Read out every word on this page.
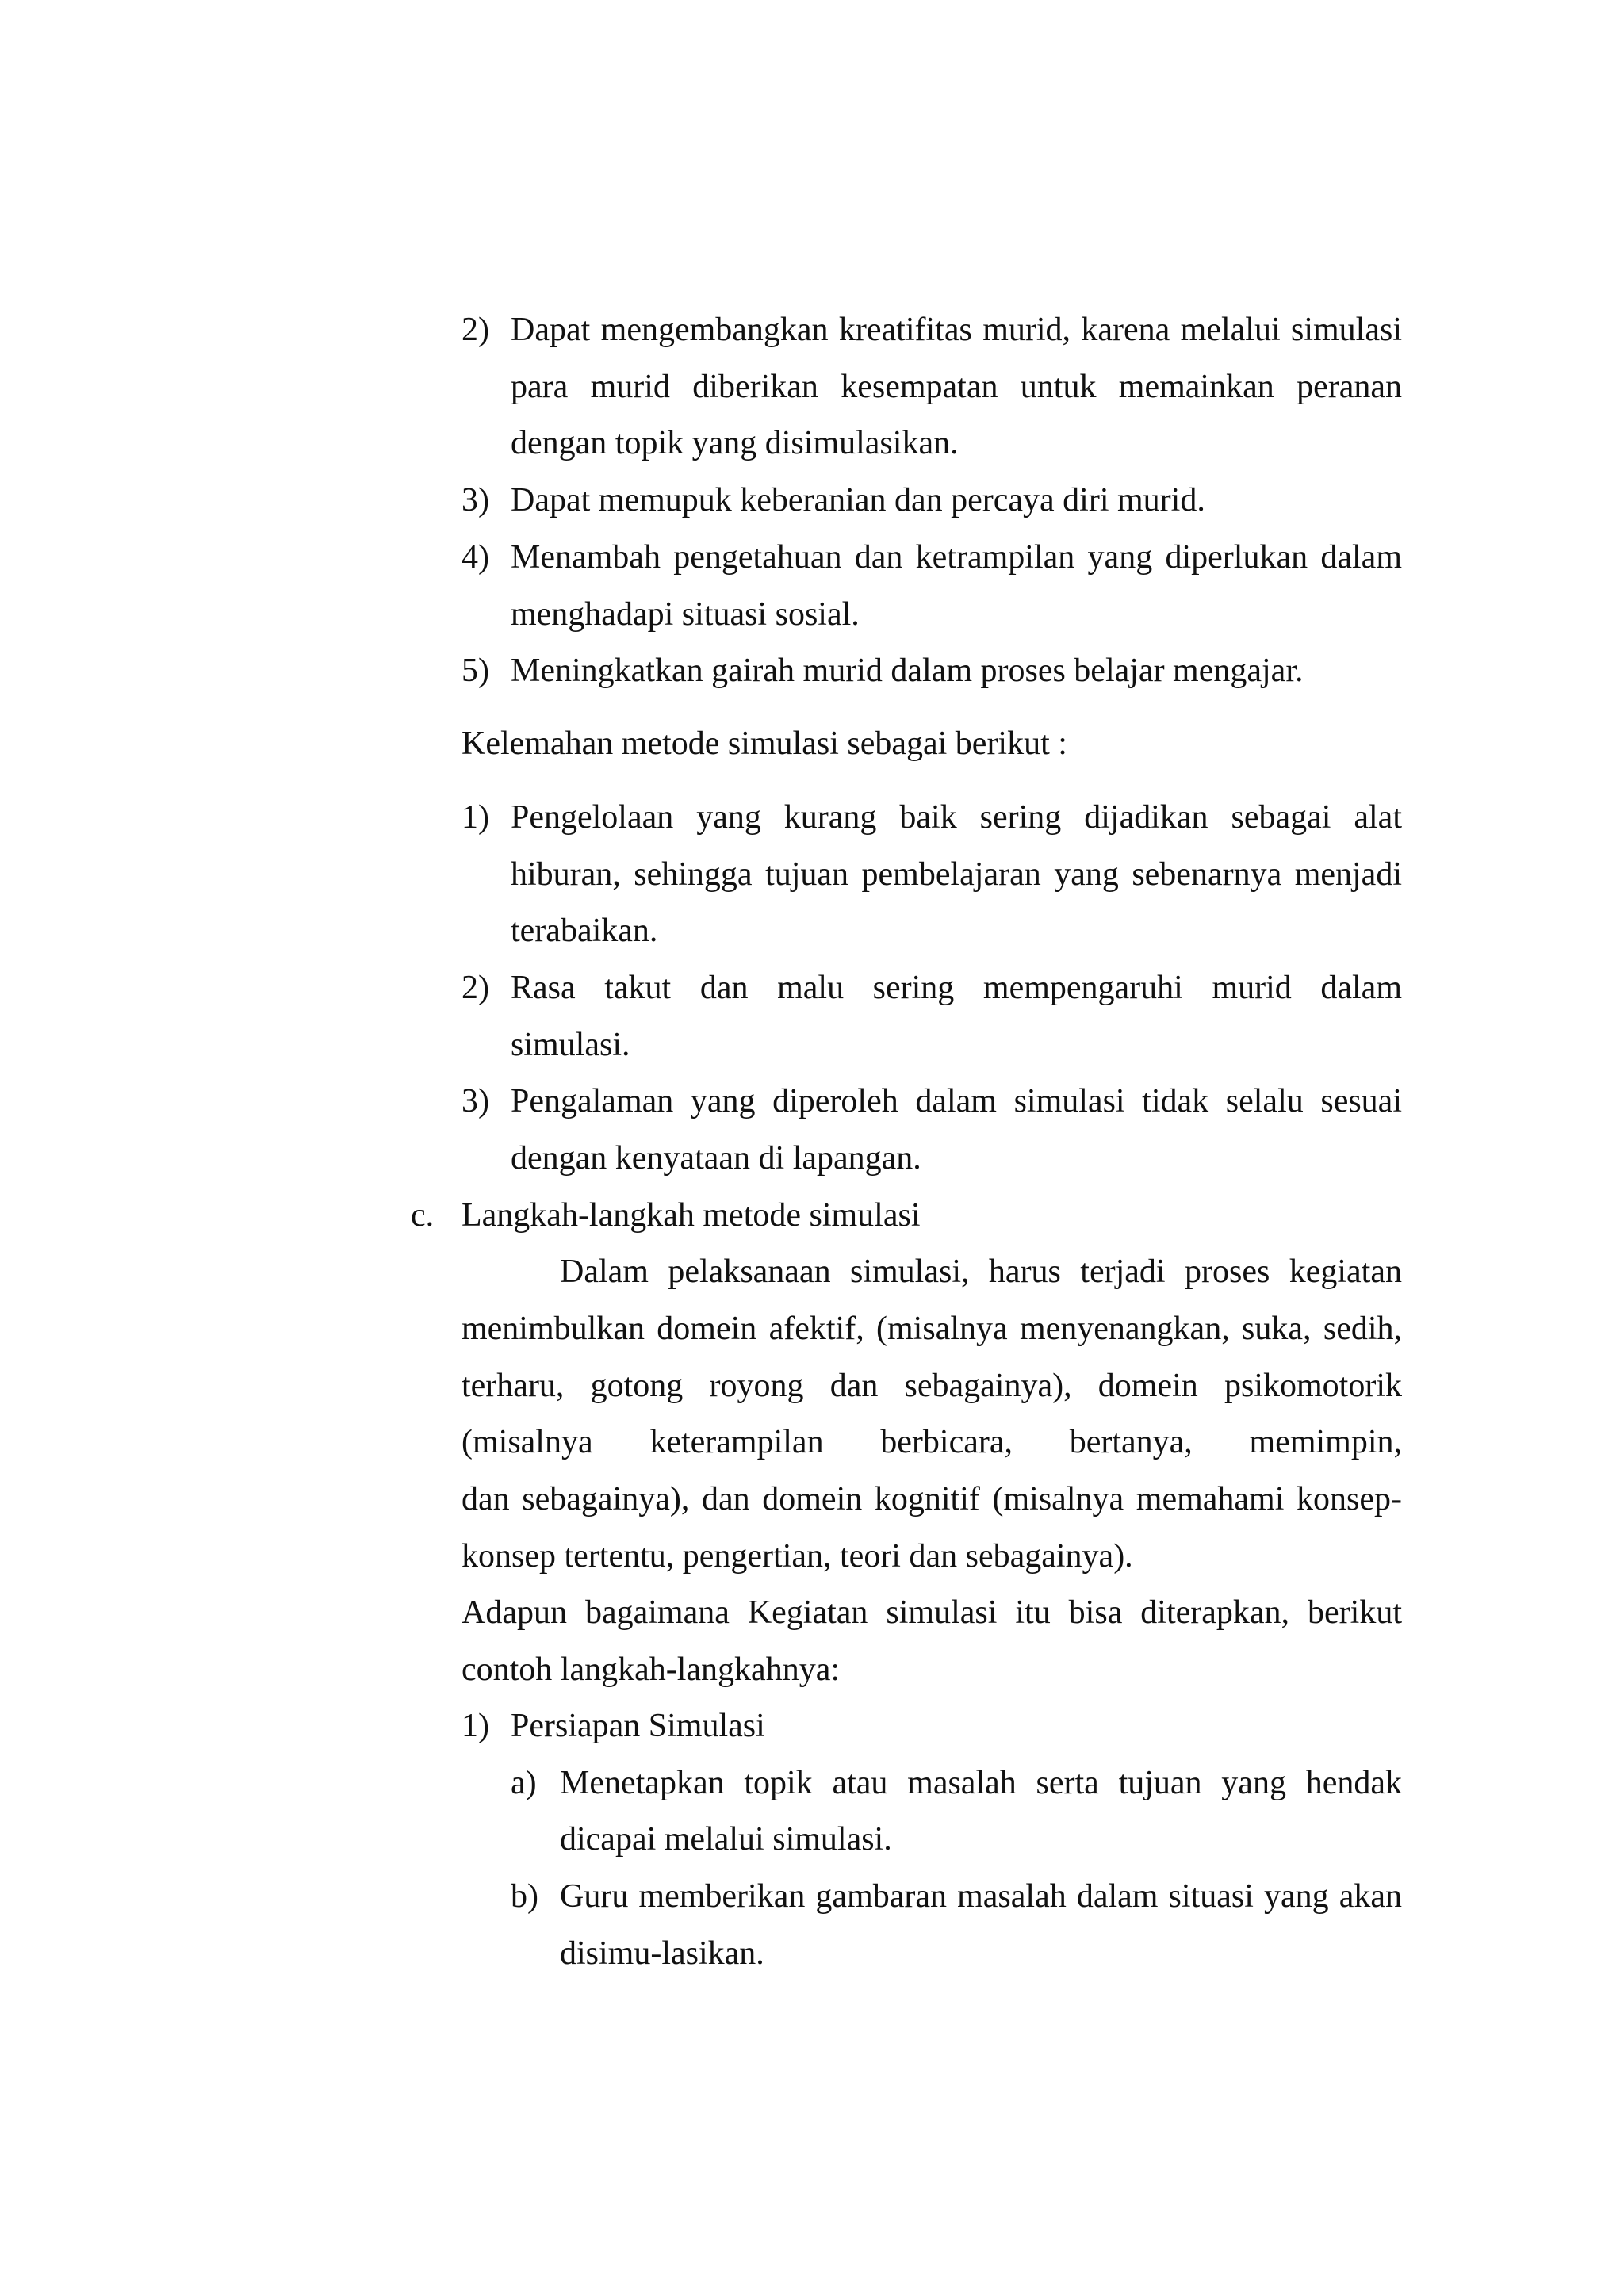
2) Dapat mengembangkan kreatifitas murid, karena melalui simulasi
para murid diberikan kesempatan untuk memainkan peranan
dengan topik yang disimulasikan.
3) Dapat memupuk keberanian dan percaya diri murid.
4) Menambah pengetahuan dan ketrampilan yang diperlukan dalam
menghadapi situasi sosial.
5) Meningkatkan gairah murid dalam proses belajar mengajar.
Kelemahan metode simulasi sebagai berikut :
1) Pengelolaan yang kurang baik sering dijadikan sebagai alat
hiburan, sehingga tujuan pembelajaran yang sebenarnya menjadi
terabaikan.
2) Rasa takut dan malu sering mempengaruhi murid dalam
simulasi.
3) Pengalaman yang diperoleh dalam simulasi tidak selalu sesuai
dengan kenyataan di lapangan.
c. Langkah-langkah metode simulasi
Dalam pelaksanaan simulasi, harus terjadi proses kegiatan
menimbulkan domein afektif, (misalnya menyenangkan, suka, sedih,
terharu, gotong royong dan sebagainya), domein psikomotorik
(misalnya keterampilan berbicara, bertanya, memimpin,
dan sebagainya), dan domein kognitif (misalnya memahami konsep-
konsep tertentu, pengertian, teori dan sebagainya).
Adapun bagaimana Kegiatan simulasi itu bisa diterapkan, berikut
contoh langkah-langkahnya:
1) Persiapan Simulasi
a) Menetapkan topik atau masalah serta tujuan yang hendak
dicapai melalui simulasi.
b) Guru memberikan gambaran masalah dalam situasi yang akan
disimu-lasikan.
